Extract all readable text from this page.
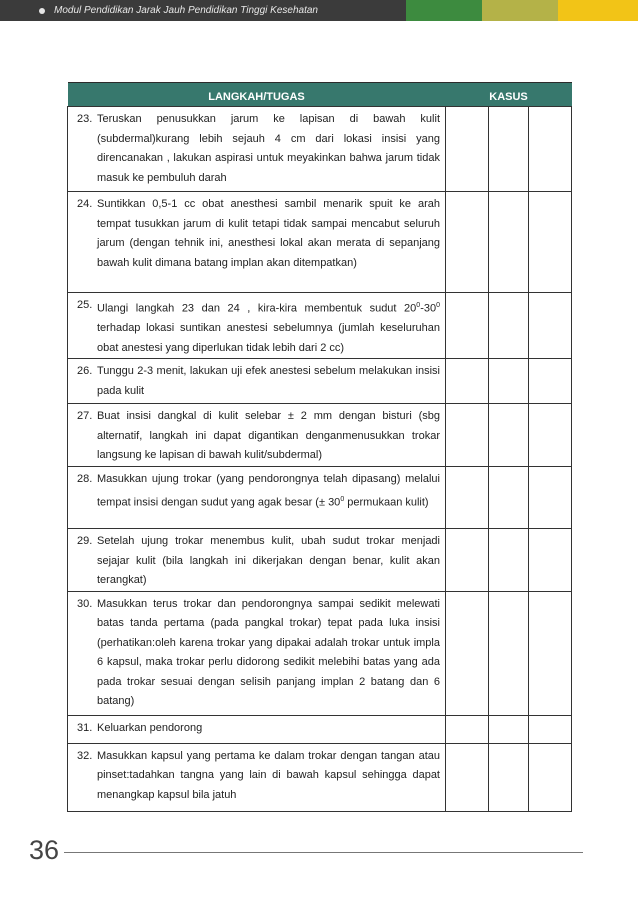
Modul Pendidikan Jarak Jauh Pendidikan Tinggi Kesehatan
LANGKAH/TUGAS	KASUS		

23. Teruskan penusukkan jarum ke lapisan di bawah kulit (subdermal)kurang lebih sejauh 4 cm dari lokasi insisi yang direncanakan , lakukan aspirasi untuk meyakinkan bahwa jarum tidak masuk ke pembuluh darah			

24. Suntikkan 0,5-1 cc obat anesthesi sambil menarik spuit ke arah tempat tusukkan jarum di kulit tetapi tidak sampai mencabut seluruh jarum (dengan tehnik ini, anesthesi lokal akan merata di sepanjang bawah kulit dimana batang implan akan ditempatkan)			

25. Ulangi langkah 23 dan 24 , kira-kira membentuk sudut $20^0-30^0$ terhadap lokasi suntikan anestesi sebelumnya (jumlah keseluruhan obat anestesi yang diperlukan tidak lebih dari 2 cc)			

26. Tunggu 2-3 menit, lakukan uji efek anestesi sebelum melakukan insisi pada kulit			

27. Buat insisi dangkal di kulit selebar ± 2 mm dengan bisturi (sbg alternatif, langkah ini dapat digantikan denganmenusukkan trokar langsung ke lapisan di bawah kulit/subdermal)			

28. Masukkan ujung trokar (yang pendorongnya telah dipasang) melalui tempat insisi dengan sudut yang agak besar (± $30^0$ permukaan kulit)			

29. Setelah ujung trokar menembus kulit, ubah sudut trokar menjadi sejajar kulit (bila langkah ini dikerjakan dengan benar, kulit akan terangkat)			

30. Masukkan terus trokar dan pendorongnya sampai sedikit melewati batas tanda pertama (pada pangkal trokar) tepat pada luka insisi (perhatikan:oleh karena trokar yang dipakai adalah trokar untuk impla 6 kapsul, maka trokar perlu didorong sedikit melebihi batas yang ada pada trokar sesuai dengan selisih panjang implan 2 batang dan 6 batang)			

31. Keluarkan pendorong			

32. Masukkan kapsul yang pertama ke dalam trokar dengan tangan atau pinset:tadahkan tangna yang lain di bawah kapsul sehingga dapat menangkap kapsul bila jatuh			

36
